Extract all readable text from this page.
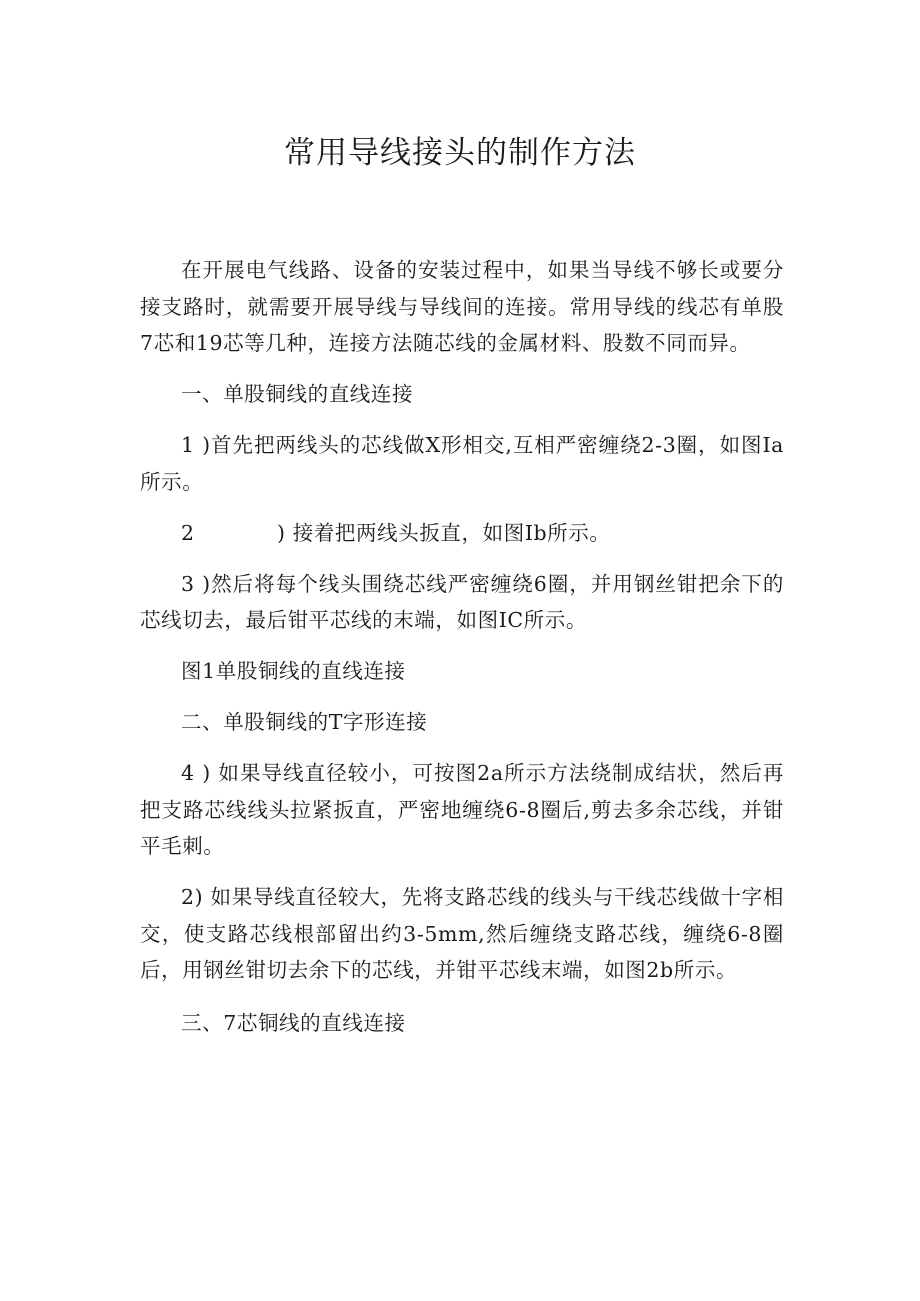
常用导线接头的制作方法

在开展电气线路、设备的安装过程中，如果当导线不够长或要分接支路时，就需要开展导线与导线间的连接。常用导线的线芯有单股7芯和19芯等几种，连接方法随芯线的金属材料、股数不同而异。

一、单股铜线的直线连接

1 )首先把两线头的芯线做X形相交,互相严密缠绕2-3圈，如图Ia所示。

2	) 接着把两线头扳直，如图Ib所示。

3 )然后将每个线头围绕芯线严密缠绕6圈，并用钢丝钳把余下的芯线切去，最后钳平芯线的末端，如图IC所示。

图1单股铜线的直线连接

二、单股铜线的T字形连接

4 ) 如果导线直径较小，可按图2a所示方法绕制成结状，然后再把支路芯线线头拉紧扳直，严密地缠绕6-8圈后,剪去多余芯线，并钳平毛刺。

2) 如果导线直径较大，先将支路芯线的线头与干线芯线做十字相交，使支路芯线根部留出约3-5mm,然后缠绕支路芯线，缠绕6-8圈后，用钢丝钳切去余下的芯线，并钳平芯线末端，如图2b所示。

三、7芯铜线的直线连接
